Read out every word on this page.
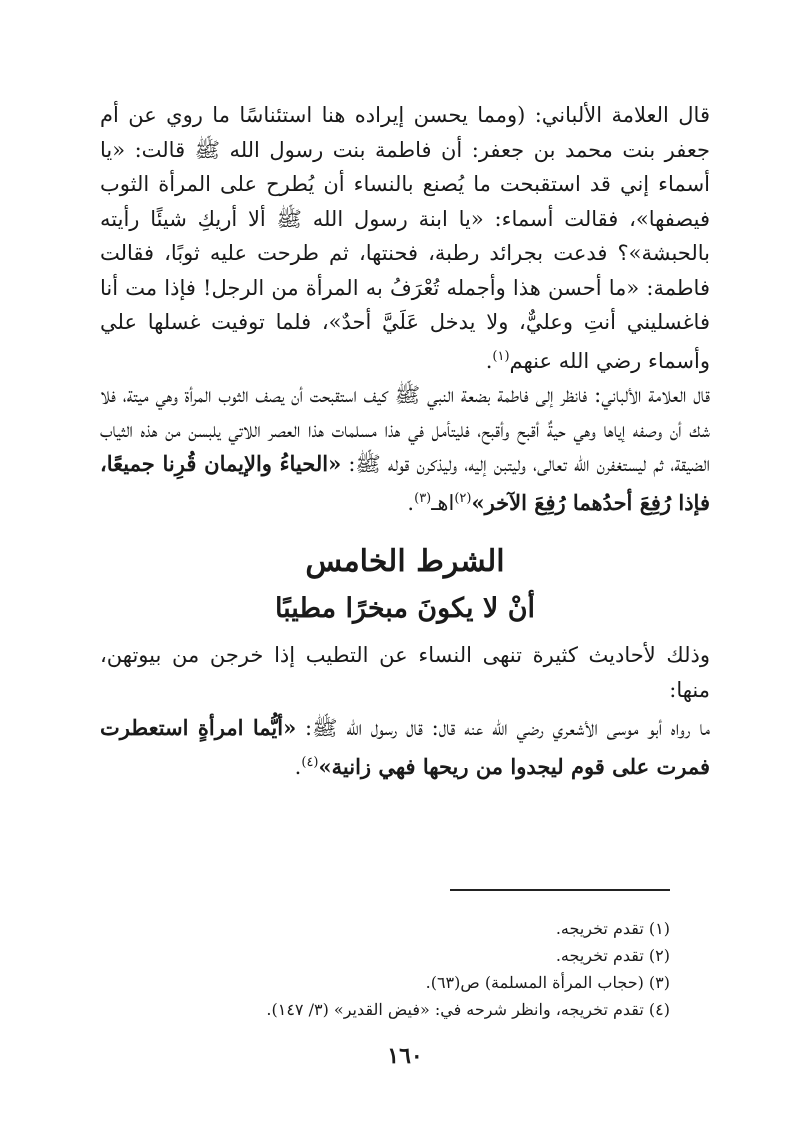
قال العلامة الألباني: (ومما يحسن إيراده هنا استئناسًا ما روي عن أم جعفر بنت محمد بن جعفر: أن فاطمة بنت رسول الله ﷺ قالت: «يا أسماء إني قد استقبحت ما يُصنع بالنساء أن يُطرح على المرأة الثوب فيصفها»، فقالت أسماء: «يا ابنة رسول الله ﷺ ألا أريكِ شيئًا رأيته بالحبشة»؟ فدعت بجرائد رطبة، فحنتها، ثم طرحت عليه ثوبًا، فقالت فاطمة: «ما أحسن هذا وأجمله تُعْرَفُ به المرأة من الرجل! فإذا مت أنا فاغسليني أنتِ وعليٌّ، ولا يدخل عَلَيَّ أحدٌ»، فلما توفيت غسلها علي وأسماء رضي الله عنهم$^{(١)}$.

قال العلامة الألباني: فانظر إلى فاطمة بضعة النبي ﷺ كيف استقبحت أن يصف الثوب المرأة وهي ميتة، فلا شك أن وصفه إياها وهي حيةٌ أقبح وأقبح، فليتأمل في هذا مسلمات هذا العصر اللاتي يلبسن من هذه الثياب الضيقة، ثم ليستغفرن الله تعالى، وليتبن إليه، وليذكرن قوله ﷺ: «الحياءُ والإيمان قُرِنا جميعًا، فإذا رُفِعَ أحدُهما رُفِعَ الآخر»$^{(٢)}$اهـ$^{(٣)}$.

الشرط الخامس
أنْ لا يكونَ مبخرًا مطيبًا

وذلك لأحاديث كثيرة تنهى النساء عن التطيب إذا خرجن من بيوتهن، منها:

ما رواه أبو موسى الأشعري رضي الله عنه قال: قال رسول الله ﷺ: «أيُّما امرأةٍ استعطرت فمرت على قوم ليجدوا من ريحها فهي زانية»$^{(٤)}$.

(١) تقدم تخريجه.

(٢) تقدم تخريجه.

(٣) (حجاب المرأة المسلمة) ص(٦٣).

(٤) تقدم تخريجه، وانظر شرحه في: «فيض القدير» (٣/ ١٤٧).

١٦٠
